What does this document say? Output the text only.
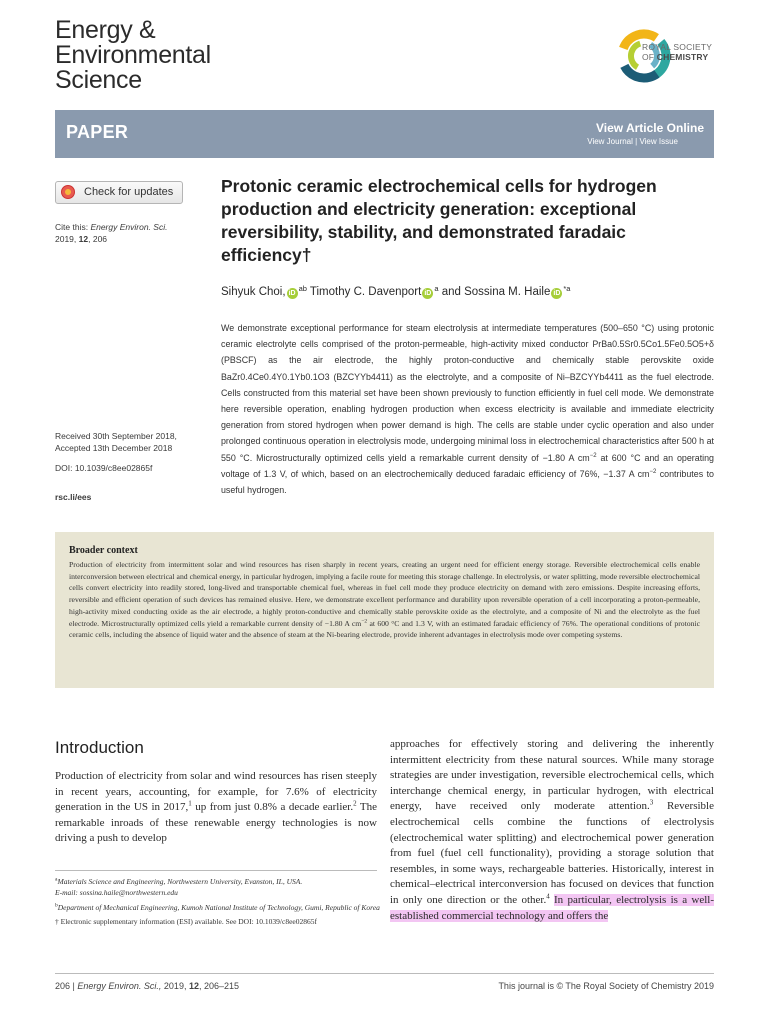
Energy &
Environmental
Science
ROYAL SOCIETY
OF CHEMISTRY
PAPER	View Article Online
View Journal | View Issue
Check for updates
Cite this: Energy Environ. Sci.
2019, 12, 206
Received 30th September 2018,
Accepted 13th December 2018
DOI: 10.1039/c8ee02865f
rsc.li/ees
Protonic ceramic electrochemical cells for hydrogen production and electricity generation: exceptional reversibility, stability, and demonstrated faradaic efficiency†
Sihyuk Choi, $iD^{ab}$ Timothy C. Davenport $iD^a$ and Sossina M. Haile $iD^{*a}$
We demonstrate exceptional performance for steam electrolysis at intermediate temperatures (500–650 °C) using protonic ceramic electrolyte cells comprised of the proton-permeable, high-activity mixed conductor PrBa0.5Sr0.5Co1.5Fe0.5O5+δ (PBSCF) as the air electrode, the highly proton-conductive and chemically stable perovskite oxide BaZr0.4Ce0.4Y0.1Yb0.1O3 (BZCYYb4411) as the electrolyte, and a composite of Ni–BZCYYb4411 as the fuel electrode. Cells constructed from this material set have been shown previously to function efficiently in fuel cell mode. We demonstrate here reversible operation, enabling hydrogen production when excess electricity is available and immediate electricity generation from stored hydrogen when power demand is high. The cells are stable under cyclic operation and also under prolonged continuous operation in electrolysis mode, undergoing minimal loss in electrochemical characteristics after 500 h at 550 °C. Microstructurally optimized cells yield a remarkable current density of −1.80 A $cm^{-2}$ at 600 °C and an operating voltage of 1.3 V, of which, based on an electrochemically deduced faradaic efficiency of 76%, −1.37 A $cm^{-2}$ contributes to useful hydrogen.
Broader context
Production of electricity from intermittent solar and wind resources has risen sharply in recent years, creating an urgent need for efficient energy storage. Reversible electrochemical cells enable interconversion between electrical and chemical energy, in particular hydrogen, implying a facile route for meeting this storage challenge. In electrolysis, or water splitting, mode reversible electrochemical cells convert electricity into readily stored, long-lived and transportable chemical fuel, whereas in fuel cell mode they produce electricity on demand with zero emissions. Despite increasing efforts, reversible and efficient operation of such devices has remained elusive. Here, we demonstrate excellent performance and durability upon reversible operation of a cell incorporating a proton-permeable, high-activity mixed conducting oxide as the air electrode, a highly proton-conductive and chemically stable perovskite oxide as the electrolyte, and a composite of Ni and the electrolyte as the fuel electrode. Microstructurally optimized cells yield a remarkable current density of −1.80 A $cm^{-2}$ at 600 °C and 1.3 V, with an estimated faradaic efficiency of 76%. The operational conditions of protonic ceramic cells, including the absence of liquid water and the absence of steam at the Ni-bearing electrode, provide inherent advantages in electrolysis mode over competing systems.
Introduction
Production of electricity from solar and wind resources has risen steeply in recent years, accounting, for example, for 7.6% of electricity generation in the US in 2017,$^1$ up from just 0.8% a decade earlier.$^2$ The remarkable inroads of these renewable energy technologies is now driving a push to develop
approaches for effectively storing and delivering the inherently intermittent electricity from these natural sources. While many storage strategies are under investigation, reversible electrochemical cells, which interchange chemical energy, in particular hydrogen, with electrical energy, have received only moderate attention.$^3$ Reversible electrochemical cells combine the functions of electrolysis (electrochemical water splitting) and electrochemical power generation from fuel (fuel cell functionality), providing a storage solution that resembles, in some ways, rechargeable batteries. Historically, interest in chemical–electrical interconversion has focused on devices that function in only one direction or the other.$^4$ In particular, electrolysis is a well-established commercial technology and offers the

$^a$Materials Science and Engineering, Northwestern University, Evanston, IL, USA.
E-mail: sossina.haile@northwestern.edu

$^b$Department of Mechanical Engineering, Kumoh National Institute of Technology, Gumi, Republic of Korea

† Electronic supplementary information (ESI) available. See DOI: 10.1039/c8ee02865f

206 | Energy Environ. Sci., 2019, 12, 206–215	This journal is © The Royal Society of Chemistry 2019
